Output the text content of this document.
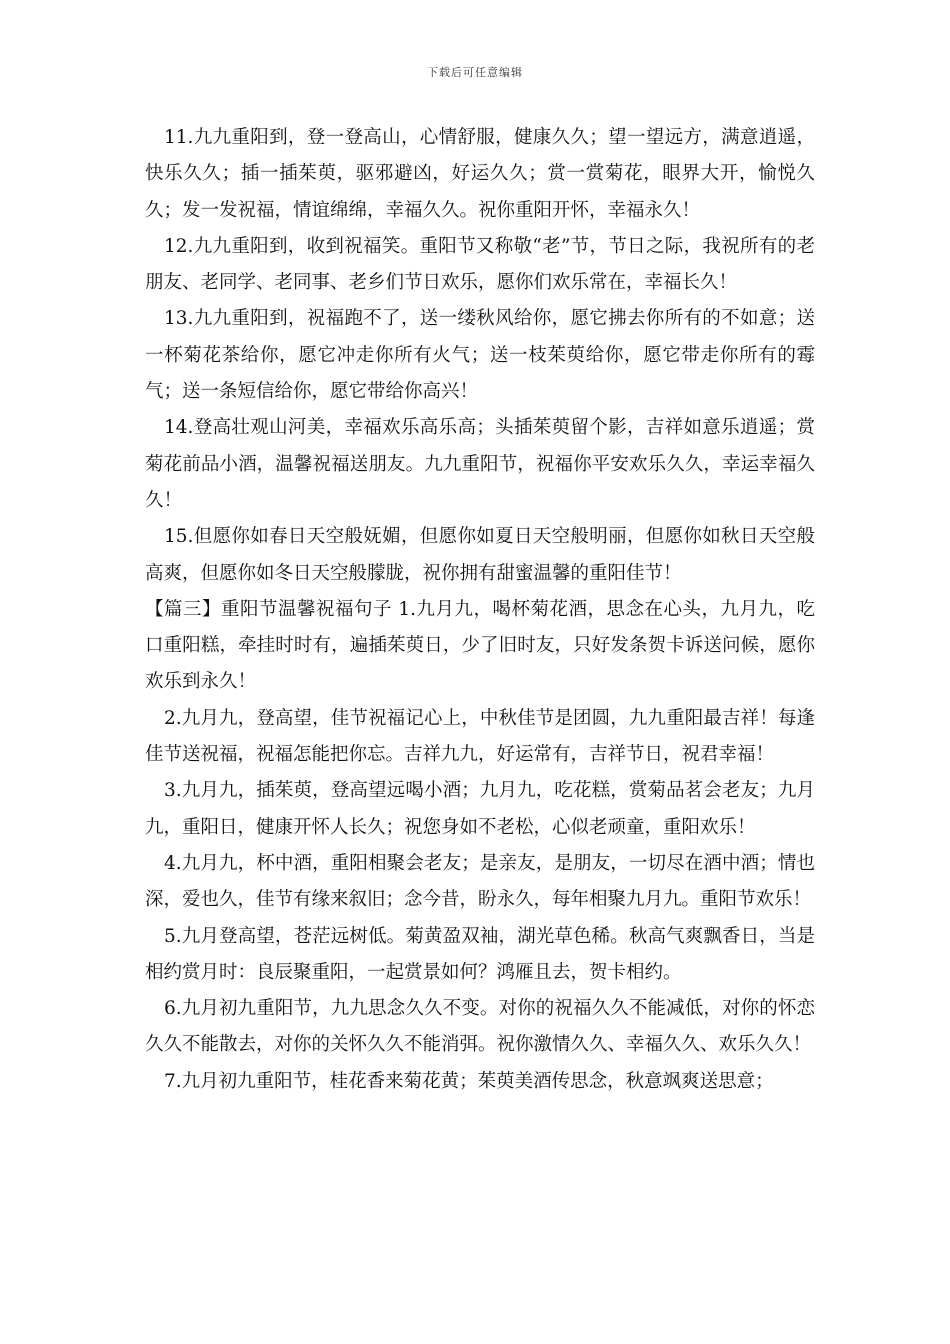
下载后可任意编辑

11.九九重阳到，登一登高山，心情舒服，健康久久；望一望远方，满意逍遥，快乐久久；插一插茱萸，驱邪避凶，好运久久；赏一赏菊花，眼界大开，愉悦久久；发一发祝福，情谊绵绵，幸福久久。祝你重阳开怀，幸福永久！

12.九九重阳到，收到祝福笑。重阳节又称敬“老”节，节日之际，我祝所有的老朋友、老同学、老同事、老乡们节日欢乐，愿你们欢乐常在，幸福长久！

13.九九重阳到，祝福跑不了，送一缕秋风给你，愿它拂去你所有的不如意；送一杯菊花茶给你，愿它冲走你所有火气；送一枝茱萸给你，愿它带走你所有的霉气；送一条短信给你，愿它带给你高兴！

14.登高壮观山河美，幸福欢乐高乐高；头插茱萸留个影，吉祥如意乐逍遥；赏菊花前品小酒，温馨祝福送朋友。九九重阳节，祝福你平安欢乐久久，幸运幸福久久！

15.但愿你如春日天空般妩媚，但愿你如夏日天空般明丽，但愿你如秋日天空般高爽，但愿你如冬日天空般朦胧，祝你拥有甜蜜温馨的重阳佳节！

【篇三】重阳节温馨祝福句子 1.九月九，喝杯菊花酒，思念在心头，九月九，吃口重阳糕，牵挂时时有，遍插茱萸日，少了旧时友，只好发条贺卡诉送问候，愿你欢乐到永久！

2.九月九，登高望，佳节祝福记心上，中秋佳节是团圆，九九重阳最吉祥！每逢佳节送祝福，祝福怎能把你忘。吉祥九九，好运常有，吉祥节日，祝君幸福！

3.九月九，插茱萸，登高望远喝小酒；九月九，吃花糕，赏菊品茗会老友；九月九，重阳日，健康开怀人长久；祝您身如不老松，心似老顽童，重阳欢乐！

4.九月九，杯中酒，重阳相聚会老友；是亲友，是朋友，一切尽在酒中酒；情也深，爱也久，佳节有缘来叙旧；念今昔，盼永久，每年相聚九月九。重阳节欢乐！

5.九月登高望，苍茫远树低。菊黄盈双袖，湖光草色稀。秋高气爽飘香日，当是相约赏月时：良辰聚重阳，一起赏景如何？鸿雁且去，贺卡相约。

6.九月初九重阳节，九九思念久久不变。对你的祝福久久不能减低，对你的怀恋久久不能散去，对你的关怀久久不能消弭。祝你激情久久、幸福久久、欢乐久久！

7.九月初九重阳节，桂花香来菊花黄；茱萸美酒传思念，秋意飒爽送思意；
